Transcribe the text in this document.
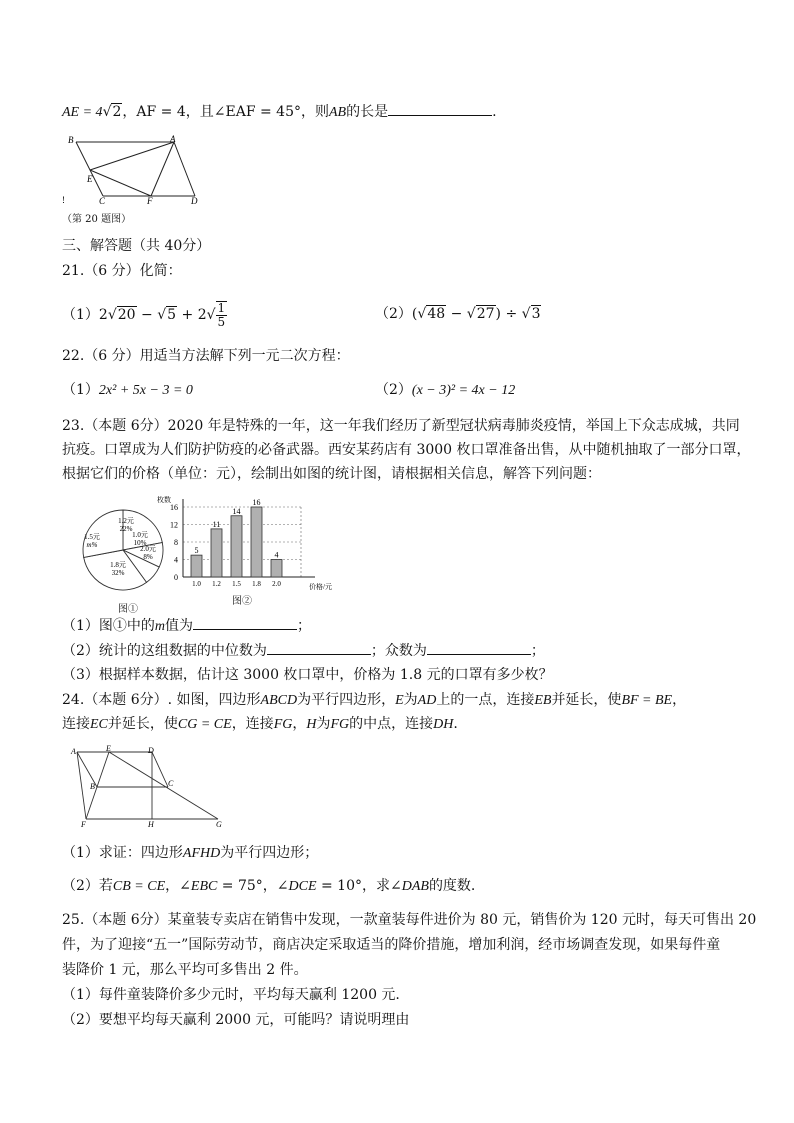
AE = 4√2，AF = 4，且∠EAF = 45°，则AB的长是	.
B	A
E
C	F	D
!
（第 20 题图）
三、解答题（共 40分）
21.（6 分）化简：
$(1)2√20 - √5 + 2√ \frac{1}{5}$	（2）(√48 − √27) ÷ √3
22.（6 分）用适当方法解下列一元二次方程：
（1）2x² + 5x − 3 = 0	（2）(x − 3)² = 4x − 12
23.（本题 6分）2020 年是特殊的一年，这一年我们经历了新型冠状病毒肺炎疫情，举国上下众志成城，共同
抗疫。口罩成为人们防护防疫的必备武器。西安某药店有 3000 枚口罩准备出售，从中随机抽取了一部分口罩，
根据它们的价格（单位：元），绘制出如图的统计图，请根据相关信息，解答下列问题：
1.2元
22%
1.0元
10%
2.0元
8%
1.8元
32%
1.5元
m%
图①
0
4
8
12
16
价格/元
枚数
5
1.0
11
1.2
14
1.5
16
1.8
4
2.0
图②
（1）图①中的m值为	；
（2）统计的这组数据的中位数为	；众数为	；
（3）根据样本数据，估计这 3000 枚口罩中，价格为 1.8 元的口罩有多少枚？
24.（本题 6分）. 如图，四边形ABCD为平行四边形，E为AD上的一点，连接EB并延长，使BF = BE，
连接EC并延长，使CG = CE，连接FG，H为FG的中点，连接DH.
A	E	D
B	C
F	H	G
（1）求证：四边形AFHD为平行四边形；
（2）若CB = CE，∠EBC = 75°，∠DCE = 10°，求∠DAB的度数.
25.（本题 6分）某童装专卖店在销售中发现，一款童装每件进价为 80 元，销售价为 120 元时，每天可售出 20
件，为了迎接“五一”国际劳动节，商店决定采取适当的降价措施，增加利润，经市场调查发现，如果每件童
装降价 1 元，那么平均可多售出 2 件。
（1）每件童装降价多少元时，平均每天赢利 1200 元.
（2）要想平均每天赢利 2000 元，可能吗？请说明理由
